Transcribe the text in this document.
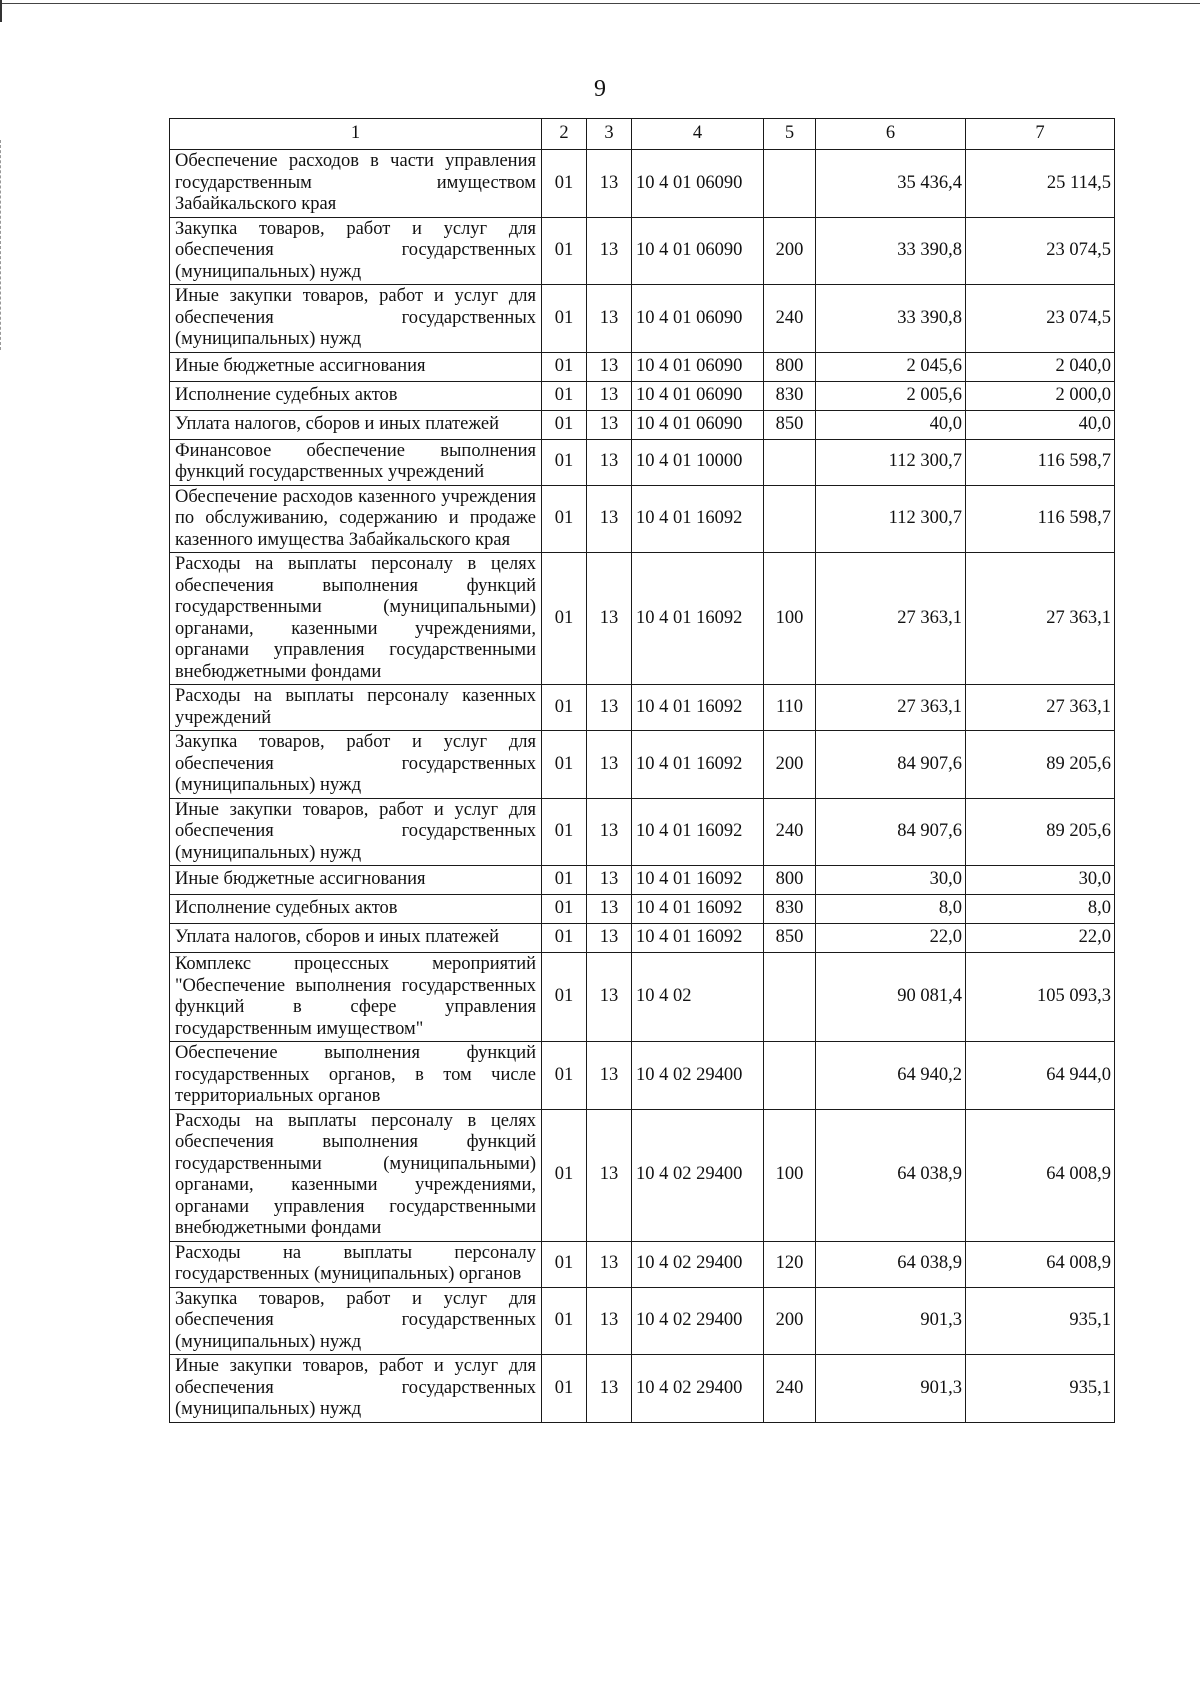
9
1	2	3	4	5	6	7
Обеспечение расходов в части управления государственным имуществом Забайкальского края	01	13	10 4 01 06090		35 436,4	25 114,5
Закупка товаров, работ и услуг для обеспечения государственных (муниципальных) нужд	01	13	10 4 01 06090	200	33 390,8	23 074,5
Иные закупки товаров, работ и услуг для обеспечения государственных (муниципальных) нужд	01	13	10 4 01 06090	240	33 390,8	23 074,5
Иные бюджетные ассигнования	01	13	10 4 01 06090	800	2 045,6	2 040,0
Исполнение судебных актов	01	13	10 4 01 06090	830	2 005,6	2 000,0
Уплата налогов, сборов и иных платежей	01	13	10 4 01 06090	850	40,0	40,0
Финансовое обеспечение выполнения функций государственных учреждений	01	13	10 4 01 10000		112 300,7	116 598,7
Обеспечение расходов казенного учреждения по обслуживанию, содержанию и продаже казенного имущества Забайкальского края	01	13	10 4 01 16092		112 300,7	116 598,7
Расходы на выплаты персоналу в целях обеспечения выполнения функций государственными (муниципальными) органами, казенными учреждениями, органами управления государственными внебюджетными фондами	01	13	10 4 01 16092	100	27 363,1	27 363,1
Расходы на выплаты персоналу казенных учреждений	01	13	10 4 01 16092	110	27 363,1	27 363,1
Закупка товаров, работ и услуг для обеспечения государственных (муниципальных) нужд	01	13	10 4 01 16092	200	84 907,6	89 205,6
Иные закупки товаров, работ и услуг для обеспечения государственных (муниципальных) нужд	01	13	10 4 01 16092	240	84 907,6	89 205,6
Иные бюджетные ассигнования	01	13	10 4 01 16092	800	30,0	30,0
Исполнение судебных актов	01	13	10 4 01 16092	830	8,0	8,0
Уплата налогов, сборов и иных платежей	01	13	10 4 01 16092	850	22,0	22,0
Комплекс процессных мероприятий "Обеспечение выполнения государственных функций в сфере управления государственным имуществом"	01	13	10 4 02		90 081,4	105 093,3
Обеспечение выполнения функций государственных органов, в том числе территориальных органов	01	13	10 4 02 29400		64 940,2	64 944,0
Расходы на выплаты персоналу в целях обеспечения выполнения функций государственными (муниципальными) органами, казенными учреждениями, органами управления государственными внебюджетными фондами	01	13	10 4 02 29400	100	64 038,9	64 008,9
Расходы на выплаты персоналу государственных (муниципальных) органов	01	13	10 4 02 29400	120	64 038,9	64 008,9
Закупка товаров, работ и услуг для обеспечения государственных (муниципальных) нужд	01	13	10 4 02 29400	200	901,3	935,1
Иные закупки товаров, работ и услуг для обеспечения государственных (муниципальных) нужд	01	13	10 4 02 29400	240	901,3	935,1
